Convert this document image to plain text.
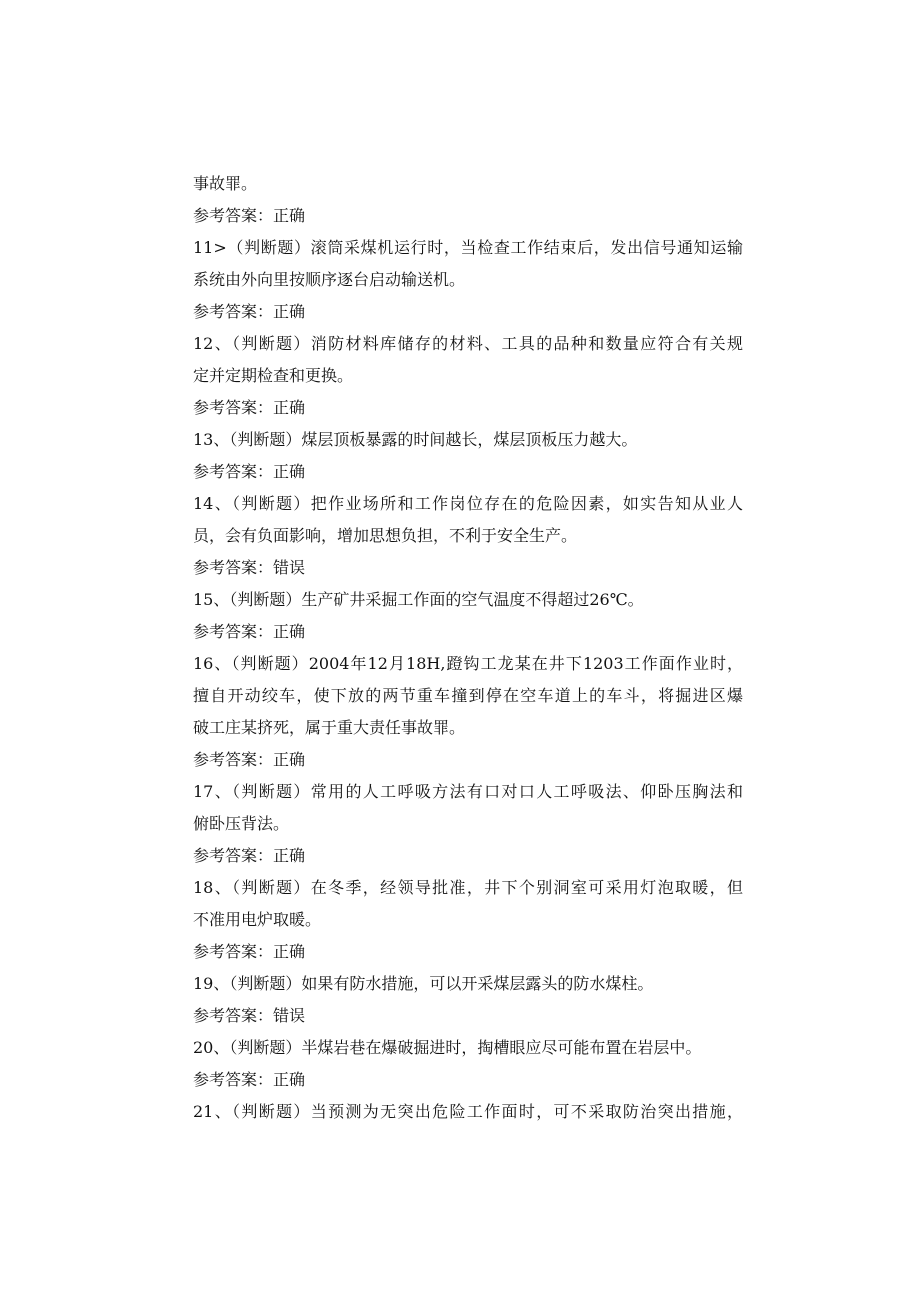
事故罪。
参考答案：正确
11>（判断题）滚筒采煤机运行时，当检查工作结束后，发出信号通知运输
系统由外向里按顺序逐台启动输送机。
参考答案：正确
12、（判断题）消防材料库储存的材料、工具的品种和数量应符合有关规
定并定期检查和更换。
参考答案：正确
13、（判断题）煤层顶板暴露的时间越长，煤层顶板压力越大。
参考答案：正确
14、（判断题）把作业场所和工作岗位存在的危险因素，如实告知从业人
员，会有负面影响，增加思想负担，不利于安全生产。
参考答案：错误
15、（判断题）生产矿井采掘工作面的空气温度不得超过26℃。
参考答案：正确
16、（判断题）2004年12月18H,蹬钩工龙某在井下1203工作面作业时，
擅自开动绞车，使下放的两节重车撞到停在空车道上的车斗，将掘进区爆
破工庄某挤死，属于重大责任事故罪。
参考答案：正确
17、（判断题）常用的人工呼吸方法有口对口人工呼吸法、仰卧压胸法和
俯卧压背法。
参考答案：正确
18、（判断题）在冬季，经领导批准，井下个别洞室可采用灯泡取暖，但
不准用电炉取暖。
参考答案：正确
19、（判断题）如果有防水措施，可以开采煤层露头的防水煤柱。
参考答案：错误
20、（判断题）半煤岩巷在爆破掘进时，掏槽眼应尽可能布置在岩层中。
参考答案：正确
21、（判断题）当预测为无突出危险工作面时，可不采取防治突出措施，
